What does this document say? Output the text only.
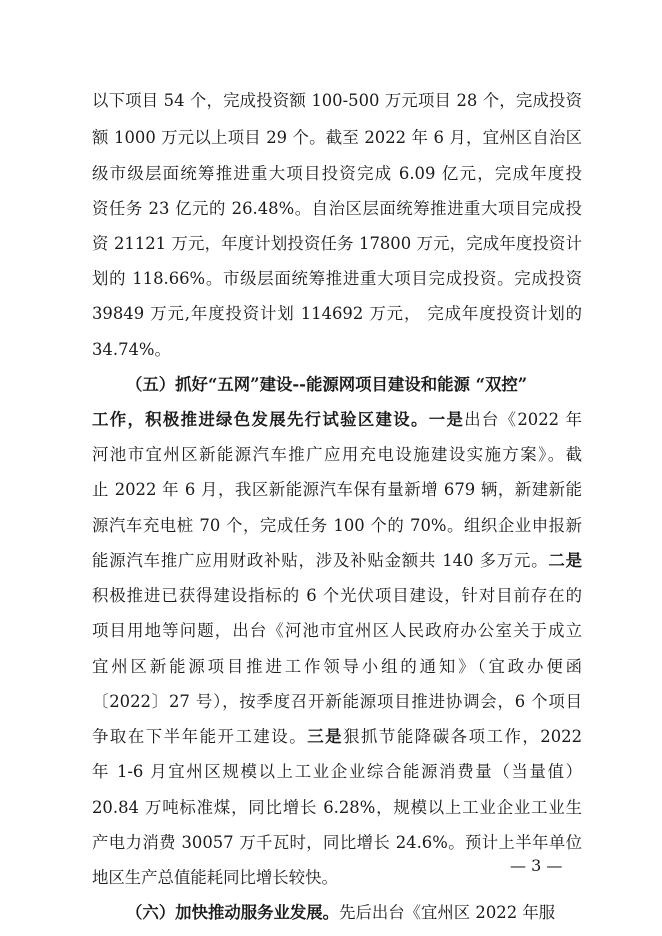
以下项目 54 个，完成投资额 100-500 万元项目 28 个，完成投资
额 1000 万元以上项目 29 个。截至 2022 年 6 月，宜州区自治区
级市级层面统筹推进重大项目投资完成 6.09 亿元，完成年度投
资任务 23 亿元的 26.48%。自治区层面统筹推进重大项目完成投
资 21121 万元，年度计划投资任务 17800 万元，完成年度投资计
划的 118.66%。市级层面统筹推进重大项目完成投资。完成投资
39849 万元,年度投资计划 114692 万元， 完成年度投资计划的
34.74%。
（五）抓好“五网”建设--能源网项目建设和能源 “双控”
工作，积极推进绿色发展先行试验区建设。一是出台《2022 年
河池市宜州区新能源汽车推广应用充电设施建设实施方案》。截
止 2022 年 6 月，我区新能源汽车保有量新增 679 辆，新建新能
源汽车充电桩 70 个，完成任务 100 个的 70%。组织企业申报新
能源汽车推广应用财政补贴，涉及补贴金额共 140 多万元。二是
积极推进已获得建设指标的 6 个光伏项目建设，针对目前存在的
项目用地等问题，出台《河池市宜州区人民政府办公室关于成立
宜州区新能源项目推进工作领导小组的通知》（宜政办便函
〔2022〕27 号），按季度召开新能源项目推进协调会，6 个项目
争取在下半年能开工建设。三是狠抓节能降碳各项工作，2022
年 1-6 月宜州区规模以上工业企业综合能源消费量（当量值）
20.84 万吨标准煤，同比增长 6.28%，规模以上工业企业工业生
产电力消费 30057 万千瓦时，同比增长 24.6%。预计上半年单位
地区生产总值能耗同比增长较快。
（六）加快推动服务业发展。先后出台《宜州区 2022 年服
— 3 —
